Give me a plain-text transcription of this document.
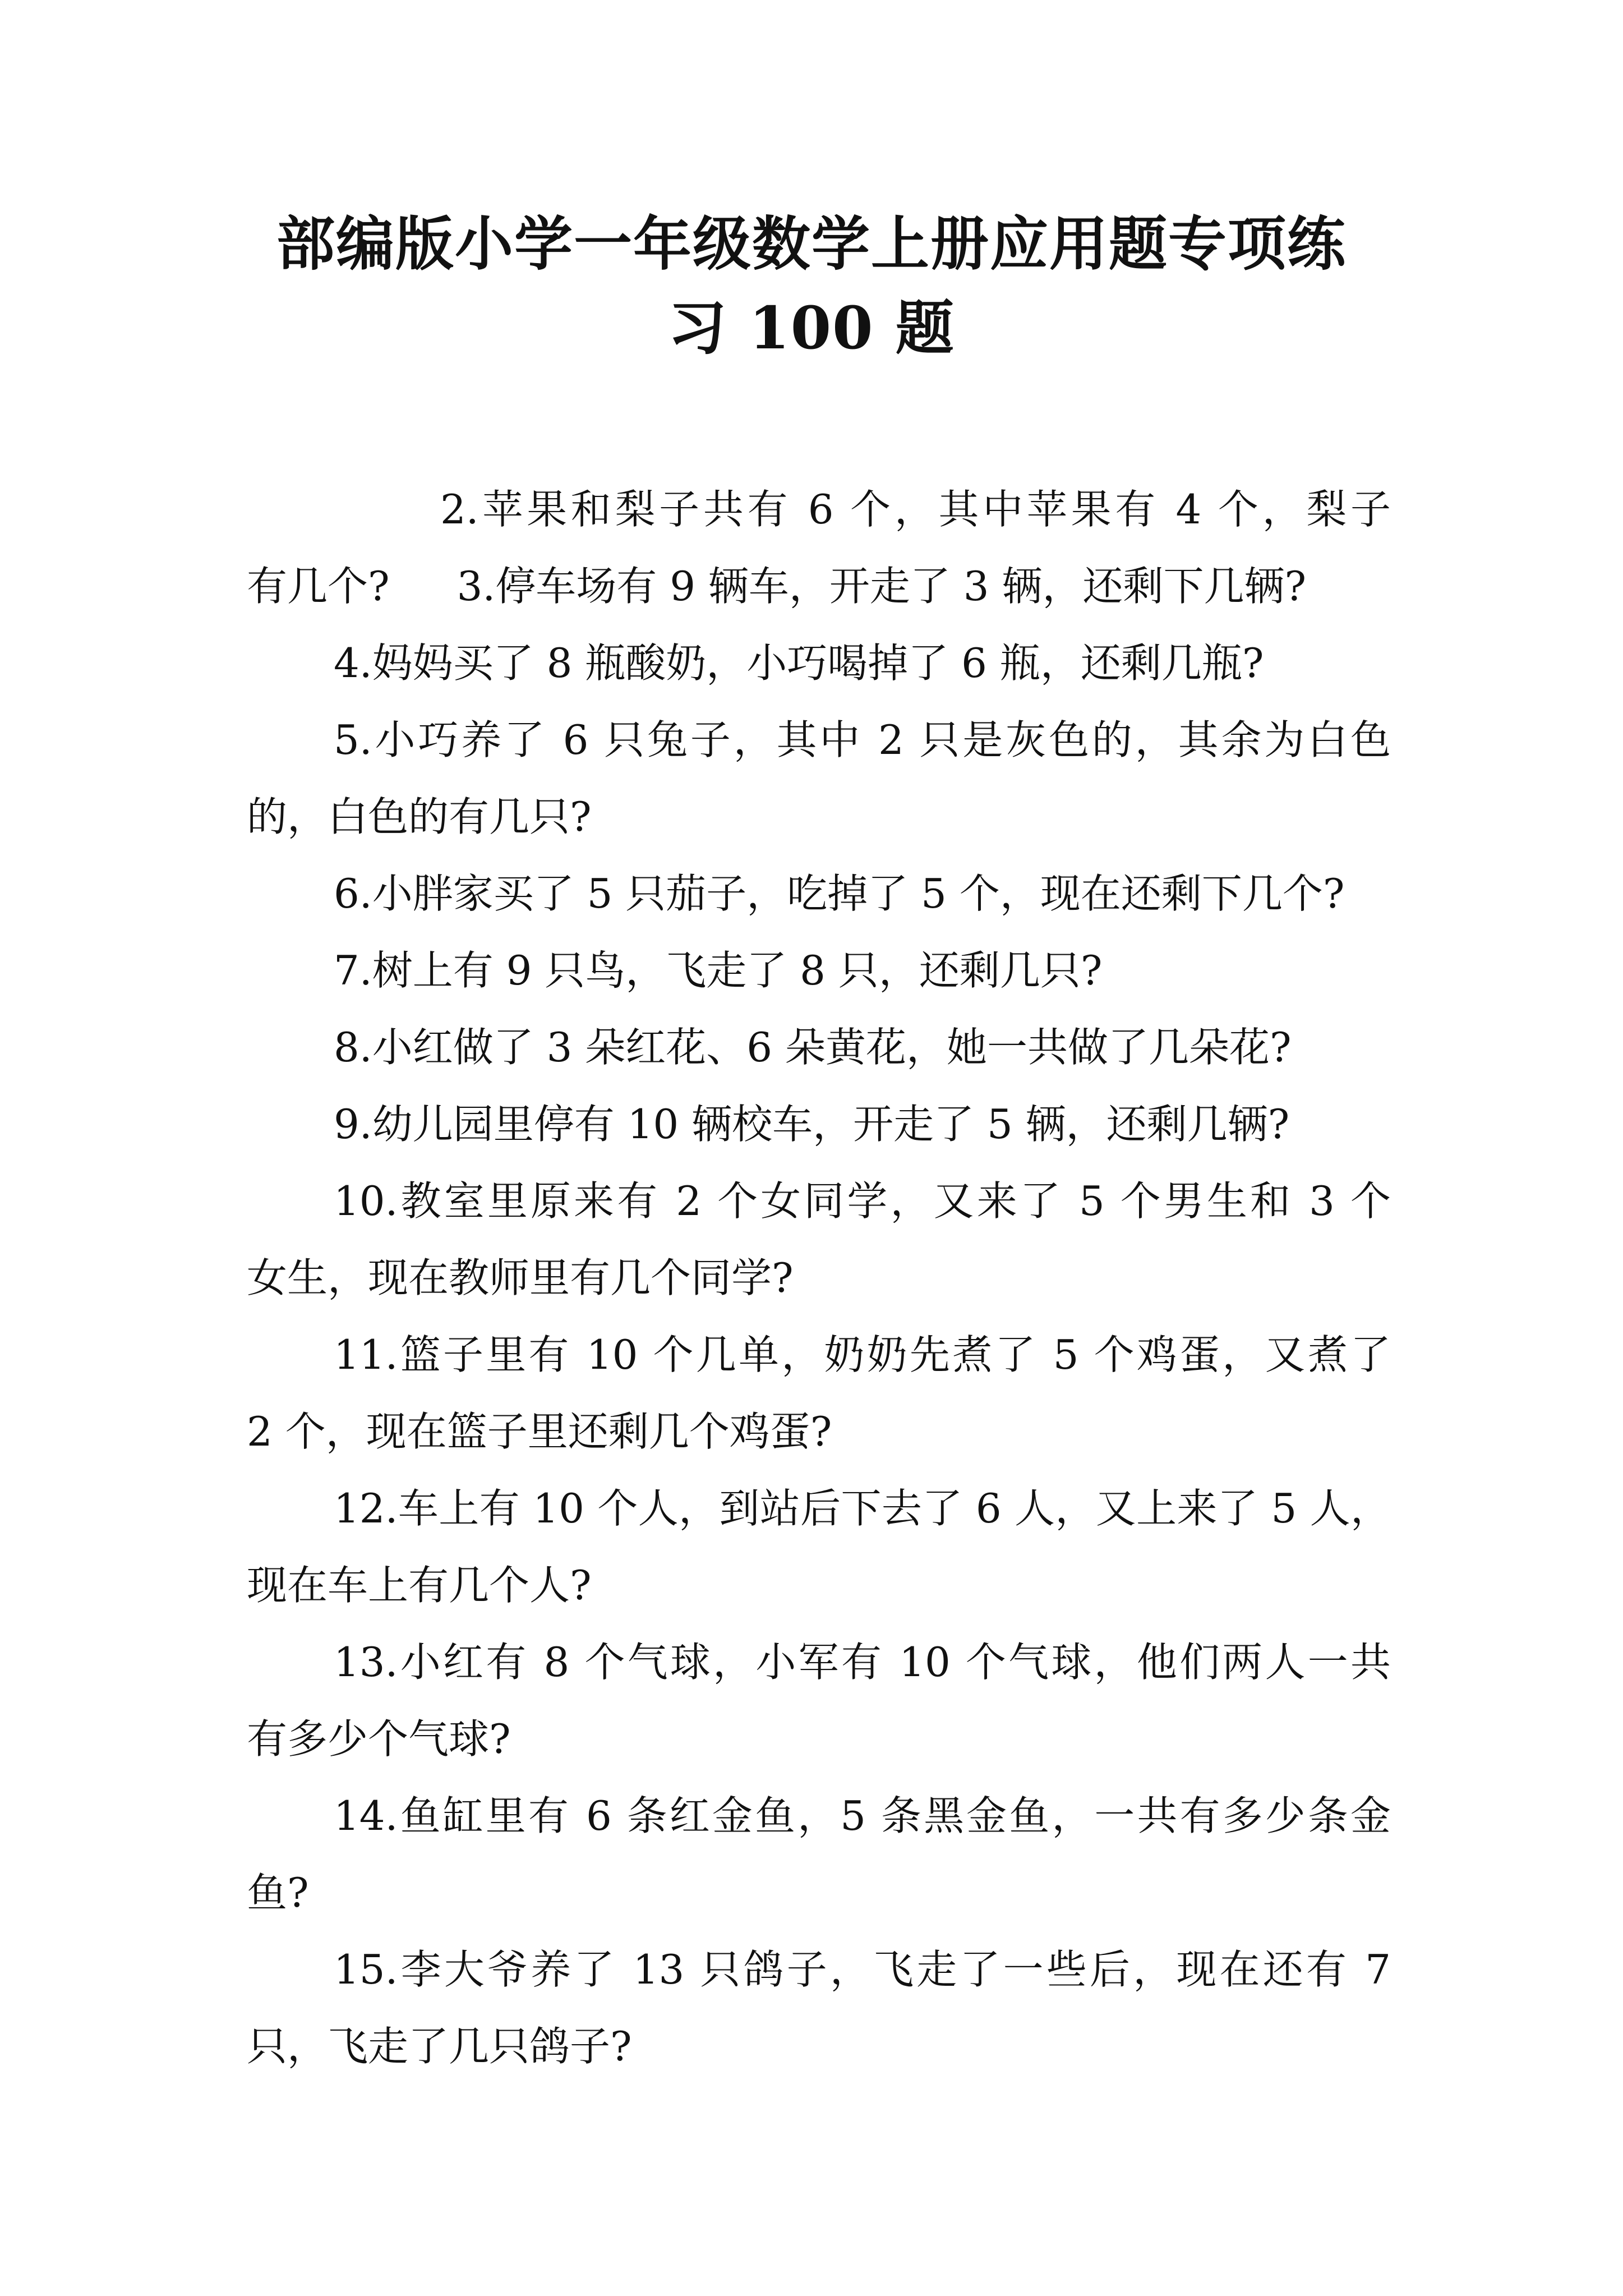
部编版小学一年级数学上册应用题专项练
习 100 题
2.苹果和梨子共有 6 个，其中苹果有 4 个，梨子
有几个? 3.停车场有 9 辆车，开走了 3 辆，还剩下几辆?
4.妈妈买了 8 瓶酸奶，小巧喝掉了 6 瓶，还剩几瓶?
5.小巧养了 6 只兔子，其中 2 只是灰色的，其余为白色
的，白色的有几只?
6.小胖家买了 5 只茄子，吃掉了 5 个，现在还剩下几个?
7.树上有 9 只鸟，飞走了 8 只，还剩几只?
8.小红做了 3 朵红花、6 朵黄花，她一共做了几朵花?
9.幼儿园里停有 10 辆校车，开走了 5 辆，还剩几辆?
10.教室里原来有 2 个女同学，又来了 5 个男生和 3 个
女生，现在教师里有几个同学?
11.篮子里有 10 个几单，奶奶先煮了 5 个鸡蛋，又煮了
2 个，现在篮子里还剩几个鸡蛋?
12.车上有 10 个人，到站后下去了 6 人，又上来了 5 人，
现在车上有几个人?
13.小红有 8 个气球，小军有 10 个气球，他们两人一共
有多少个气球?
14.鱼缸里有 6 条红金鱼，5 条黑金鱼，一共有多少条金
鱼?
15.李大爷养了 13 只鸽子，飞走了一些后，现在还有 7
只，飞走了几只鸽子?
